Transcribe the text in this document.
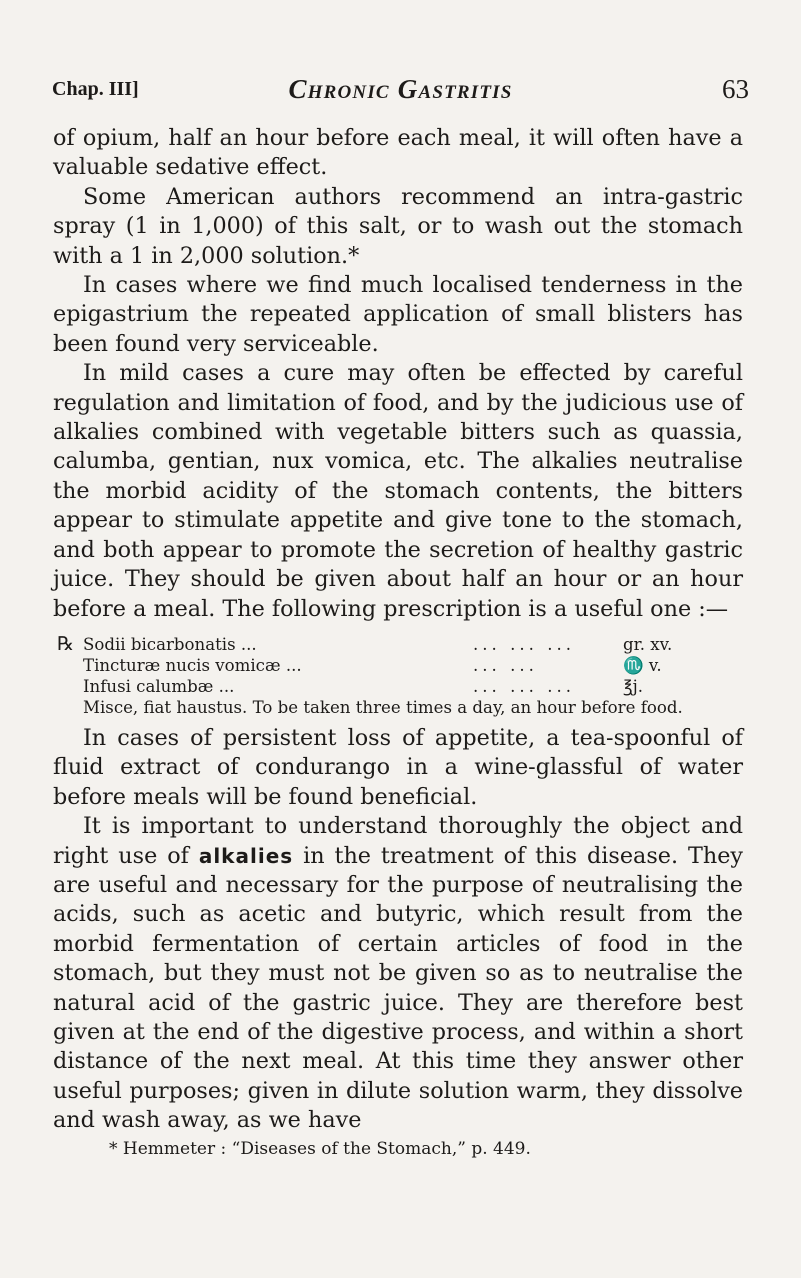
Chap. III]	Chronic Gastritis	63

of opium, half an hour before each meal, it will often have a valuable sedative effect.

Some American authors recommend an intra-gastric spray (1 in 1,000) of this salt, or to wash out the stomach with a 1 in 2,000 solution.*

In cases where we find much localised tenderness in the epigastrium the repeated application of small blisters has been found very serviceable.

In mild cases a cure may often be effected by careful regulation and limitation of food, and by the judicious use of alkalies combined with vegetable bitters such as quassia, calumba, gentian, nux vomica, etc. The alkalies neutralise the morbid acidity of the stomach contents, the bitters appear to stimulate appetite and give tone to the stomach, and both appear to promote the secretion of healthy gastric juice. They should be given about half an hour or an hour before a meal. The following prescription is a useful one :—

℞ Sodii bicarbonatis ...	... ... ...	gr. xv.
Tincturæ nucis vomicæ ...	... ...	♏ v.
Infusi calumbæ ...	... ... ...	℥j.

Misce, fiat haustus. To be taken three times a day, an hour before food.

In cases of persistent loss of appetite, a tea-spoonful of fluid extract of condurango in a wine-glassful of water before meals will be found beneficial.

It is important to understand thoroughly the object and right use of alkalies in the treatment of this disease. They are useful and necessary for the purpose of neutralising the acids, such as acetic and butyric, which result from the morbid fermentation of certain articles of food in the stomach, but they must not be given so as to neutralise the natural acid of the gastric juice. They are therefore best given at the end of the digestive process, and within a short distance of the next meal. At this time they answer other useful purposes; given in dilute solution warm, they dissolve and wash away, as we have

* Hemmeter : “Diseases of the Stomach,” p. 449.
